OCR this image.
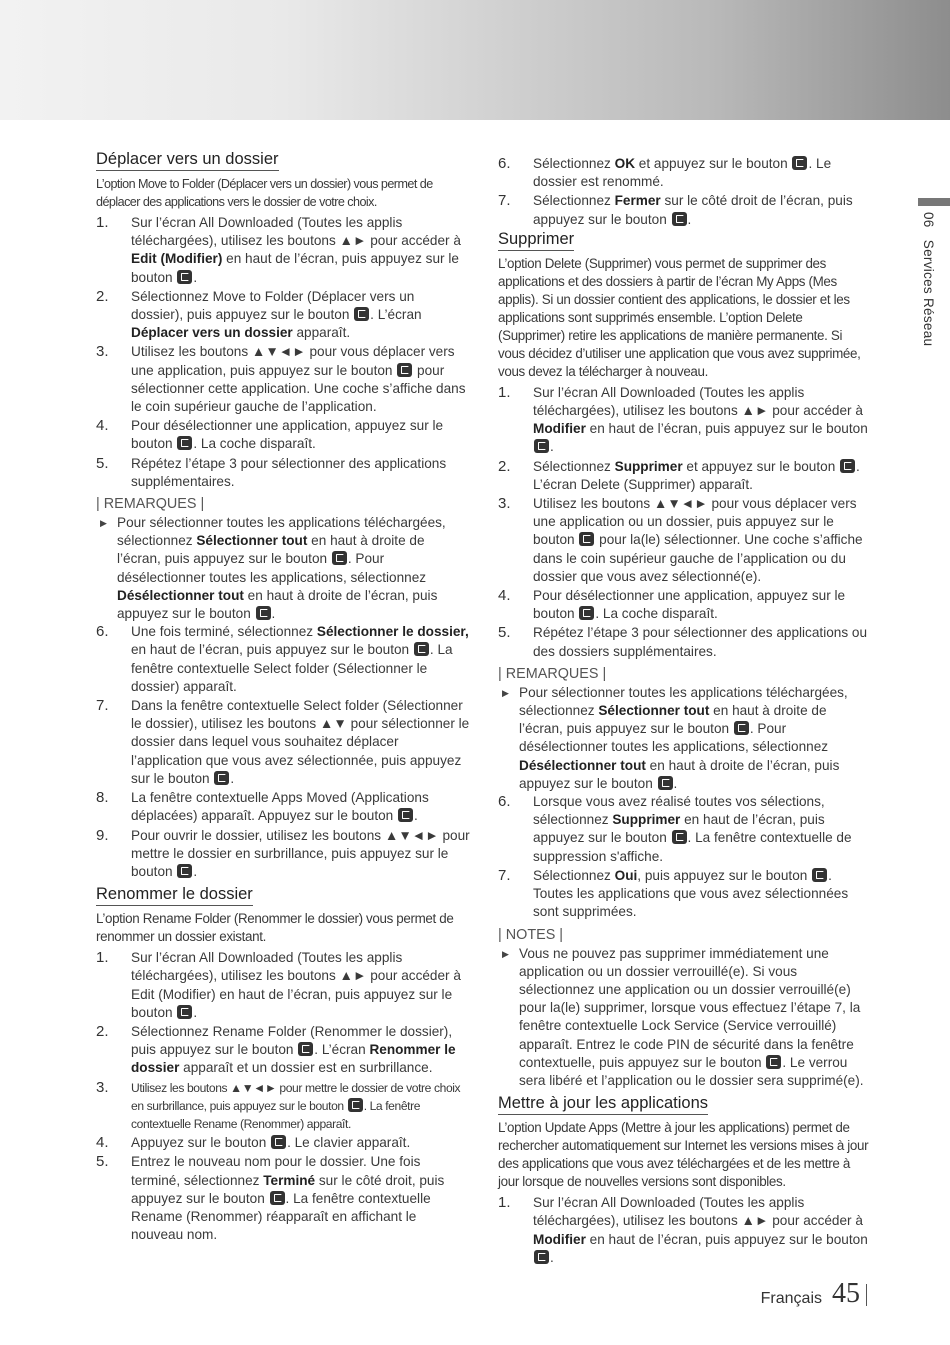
06   Services Réseau
Déplacer vers un dossier

L’option Move to Folder (Déplacer vers un dossier) vous permet de déplacer des applications vers le dossier de votre choix.

1. Sur l’écran All Downloaded (Toutes les applis téléchargées), utilisez les boutons ▲► pour accéder à Edit (Modifier) en haut de l’écran, puis appuyez sur le bouton .
2. Sélectionnez Move to Folder (Déplacer vers un dossier), puis appuyez sur le bouton . L’écran Déplacer vers un dossier apparaît.
3. Utilisez les boutons ▲▼◄► pour vous déplacer vers une application, puis appuyez sur le bouton  pour sélectionner cette application. Une coche s’affiche dans le coin supérieur gauche de l’application.
4. Pour désélectionner une application, appuyez sur le bouton . La coche disparaît.
5. Répétez l’étape 3 pour sélectionner des applications supplémentaires.
| REMARQUES |
▶ Pour sélectionner toutes les applications téléchargées, sélectionnez Sélectionner tout en haut à droite de l’écran, puis appuyez sur le bouton . Pour désélectionner toutes les applications, sélectionnez Désélectionner tout en haut à droite de l’écran, puis appuyez sur le bouton .
6. Une fois terminé, sélectionnez Sélectionner le dossier, en haut de l’écran, puis appuyez sur le bouton . La fenêtre contextuelle Select folder (Sélectionner le dossier) apparaît.
7. Dans la fenêtre contextuelle Select folder (Sélectionner le dossier), utilisez les boutons ▲▼ pour sélectionner le dossier dans lequel vous souhaitez déplacer l’application que vous avez sélectionnée, puis appuyez sur le bouton .
8. La fenêtre contextuelle Apps Moved (Applications déplacées) apparaît. Appuyez sur le bouton .
9. Pour ouvrir le dossier, utilisez les boutons ▲▼◄► pour mettre le dossier en surbrillance, puis appuyez sur le bouton .
Renommer le dossier

L’option Rename Folder (Renommer le dossier) vous permet de renommer un dossier existant.

1. Sur l’écran All Downloaded (Toutes les applis téléchargées), utilisez les boutons ▲► pour accéder à Edit (Modifier) en haut de l’écran, puis appuyez sur le bouton .
2. Sélectionnez Rename Folder (Renommer le dossier), puis appuyez sur le bouton . L’écran Renommer le dossier apparaît et un dossier est en surbrillance.
3. Utilisez les boutons ▲▼◄► pour mettre le dossier de votre choix en surbrillance, puis appuyez sur le bouton . La fenêtre contextuelle Rename (Renommer) apparaît.
4. Appuyez sur le bouton . Le clavier apparaît.
5. Entrez le nouveau nom pour le dossier. Une fois terminé, sélectionnez Terminé sur le côté droit, puis appuyez sur le bouton . La fenêtre contextuelle Rename (Renommer) réapparaît en affichant le nouveau nom.
6. Sélectionnez OK et appuyez sur le bouton . Le dossier est renommé.
7. Sélectionnez Fermer sur le côté droit de l’écran, puis appuyez sur le bouton .
Supprimer

L’option Delete (Supprimer) vous permet de supprimer des applications et des dossiers à partir de l’écran My Apps (Mes applis). Si un dossier contient des applications, le dossier et les applications sont supprimés ensemble. L’option Delete (Supprimer) retire les applications de manière permanente. Si vous décidez d’utiliser une application que vous avez supprimée, vous devez la télécharger à nouveau.

1. Sur l’écran All Downloaded (Toutes les applis téléchargées), utilisez les boutons ▲► pour accéder à Modifier en haut de l’écran, puis appuyez sur le bouton .
2. Sélectionnez Supprimer et appuyez sur le bouton . L’écran Delete (Supprimer) apparaît.
3. Utilisez les boutons ▲▼◄► pour vous déplacer vers une application ou un dossier, puis appuyez sur le bouton  pour la(le) sélectionner. Une coche s’affiche dans le coin supérieur gauche de l’application ou du dossier que vous avez sélectionné(e).
4. Pour désélectionner une application, appuyez sur le bouton . La coche disparaît.
5. Répétez l’étape 3 pour sélectionner des applications ou des dossiers supplémentaires.
| REMARQUES |
▶ Pour sélectionner toutes les applications téléchargées, sélectionnez Sélectionner tout en haut à droite de l’écran, puis appuyez sur le bouton . Pour désélectionner toutes les applications, sélectionnez Désélectionner tout en haut à droite de l’écran, puis appuyez sur le bouton .
6. Lorsque vous avez réalisé toutes vos sélections, sélectionnez Supprimer en haut de l’écran, puis appuyez sur le bouton . La fenêtre contextuelle de suppression s'affiche.
7. Sélectionnez Oui, puis appuyez sur le bouton . Toutes les applications que vous avez sélectionnées sont supprimées.
| NOTES |
▶ Vous ne pouvez pas supprimer immédiatement une application ou un dossier verrouillé(e). Si vous sélectionnez une application ou un dossier verrouillé(e) pour la(le) supprimer, lorsque vous effectuez l’étape 7, la fenêtre contextuelle Lock Service (Service verrouillé) apparaît. Entrez le code PIN de sécurité dans la fenêtre contextuelle, puis appuyez sur le bouton . Le verrou sera libéré et l’application ou le dossier sera supprimé(e).
Mettre à jour les applications

L’option Update Apps (Mettre à jour les applications) permet de rechercher automatiquement sur Internet les versions mises à jour des applications que vous avez téléchargées et de les mettre à jour lorsque de nouvelles versions sont disponibles.

1. Sur l’écran All Downloaded (Toutes les applis téléchargées), utilisez les boutons ▲► pour accéder à Modifier en haut de l’écran, puis appuyez sur le bouton .
Français 45
